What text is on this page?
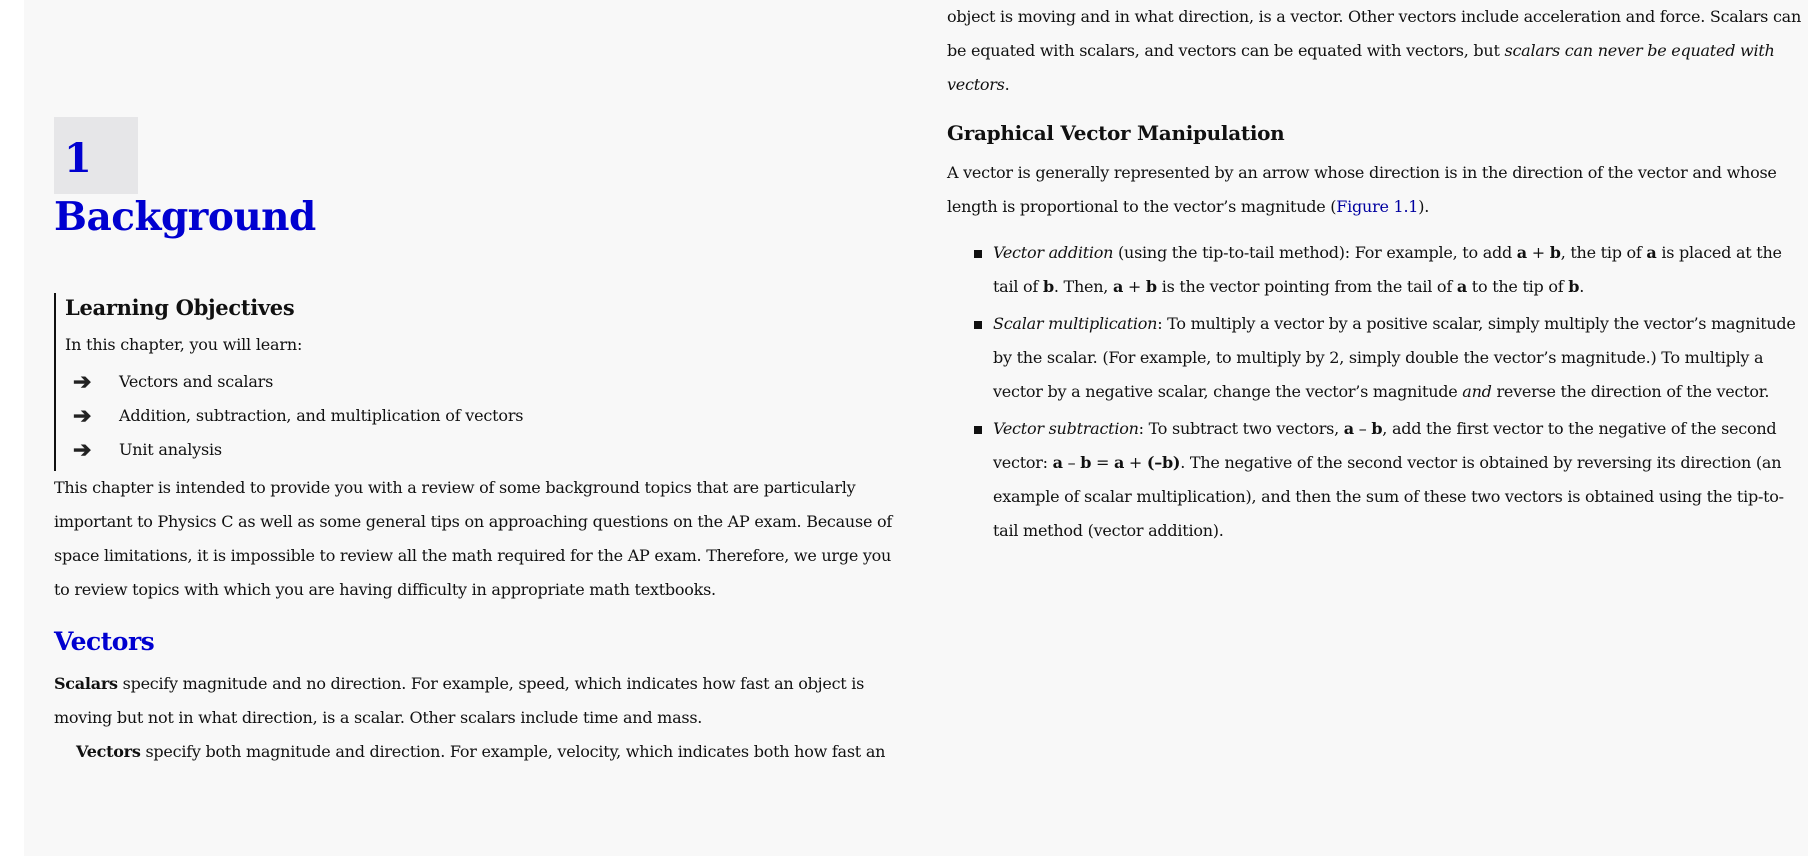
1
Background
Learning Objectives

In this chapter, you will learn:

➔	Vectors and scalars
➔	Addition, subtraction, and multiplication of vectors
➔	Unit analysis

This chapter is intended to provide you with a review of some background topics that are particularly important to Physics C as well as some general tips on approaching questions on the AP exam. Because of space limitations, it is impossible to review all the math required for the AP exam. Therefore, we urge you to review topics with which you are having difficulty in appropriate math textbooks.

Vectors

Scalars specify magnitude and no direction. For example, speed, which indicates how fast an object is moving but not in what direction, is a scalar. Other scalars include time and mass.

Vectors specify both magnitude and direction. For example, velocity, which indicates both how fast an

object is moving and in what direction, is a vector. Other vectors include acceleration and force. Scalars can be equated with scalars, and vectors can be equated with vectors, but scalars can never be equated with vectors.

Graphical Vector Manipulation

A vector is generally represented by an arrow whose direction is in the direction of the vector and whose length is proportional to the vector’s magnitude (Figure 1.1).

Vector addition (using the tip-to-tail method): For example, to add a + b, the tip of a is placed at the tail of b. Then, a + b is the vector pointing from the tail of a to the tip of b.
Scalar multiplication: To multiply a vector by a positive scalar, simply multiply the vector’s magnitude by the scalar. (For example, to multiply by 2, simply double the vector’s magnitude.) To multiply a vector by a negative scalar, change the vector’s magnitude and reverse the direction of the vector.
Vector subtraction: To subtract two vectors, a – b, add the first vector to the negative of the second vector: a – b = a + (–b). The negative of the second vector is obtained by reversing its direction (an example of scalar multiplication), and then the sum of these two vectors is obtained using the tip-to-tail method (vector addition).
